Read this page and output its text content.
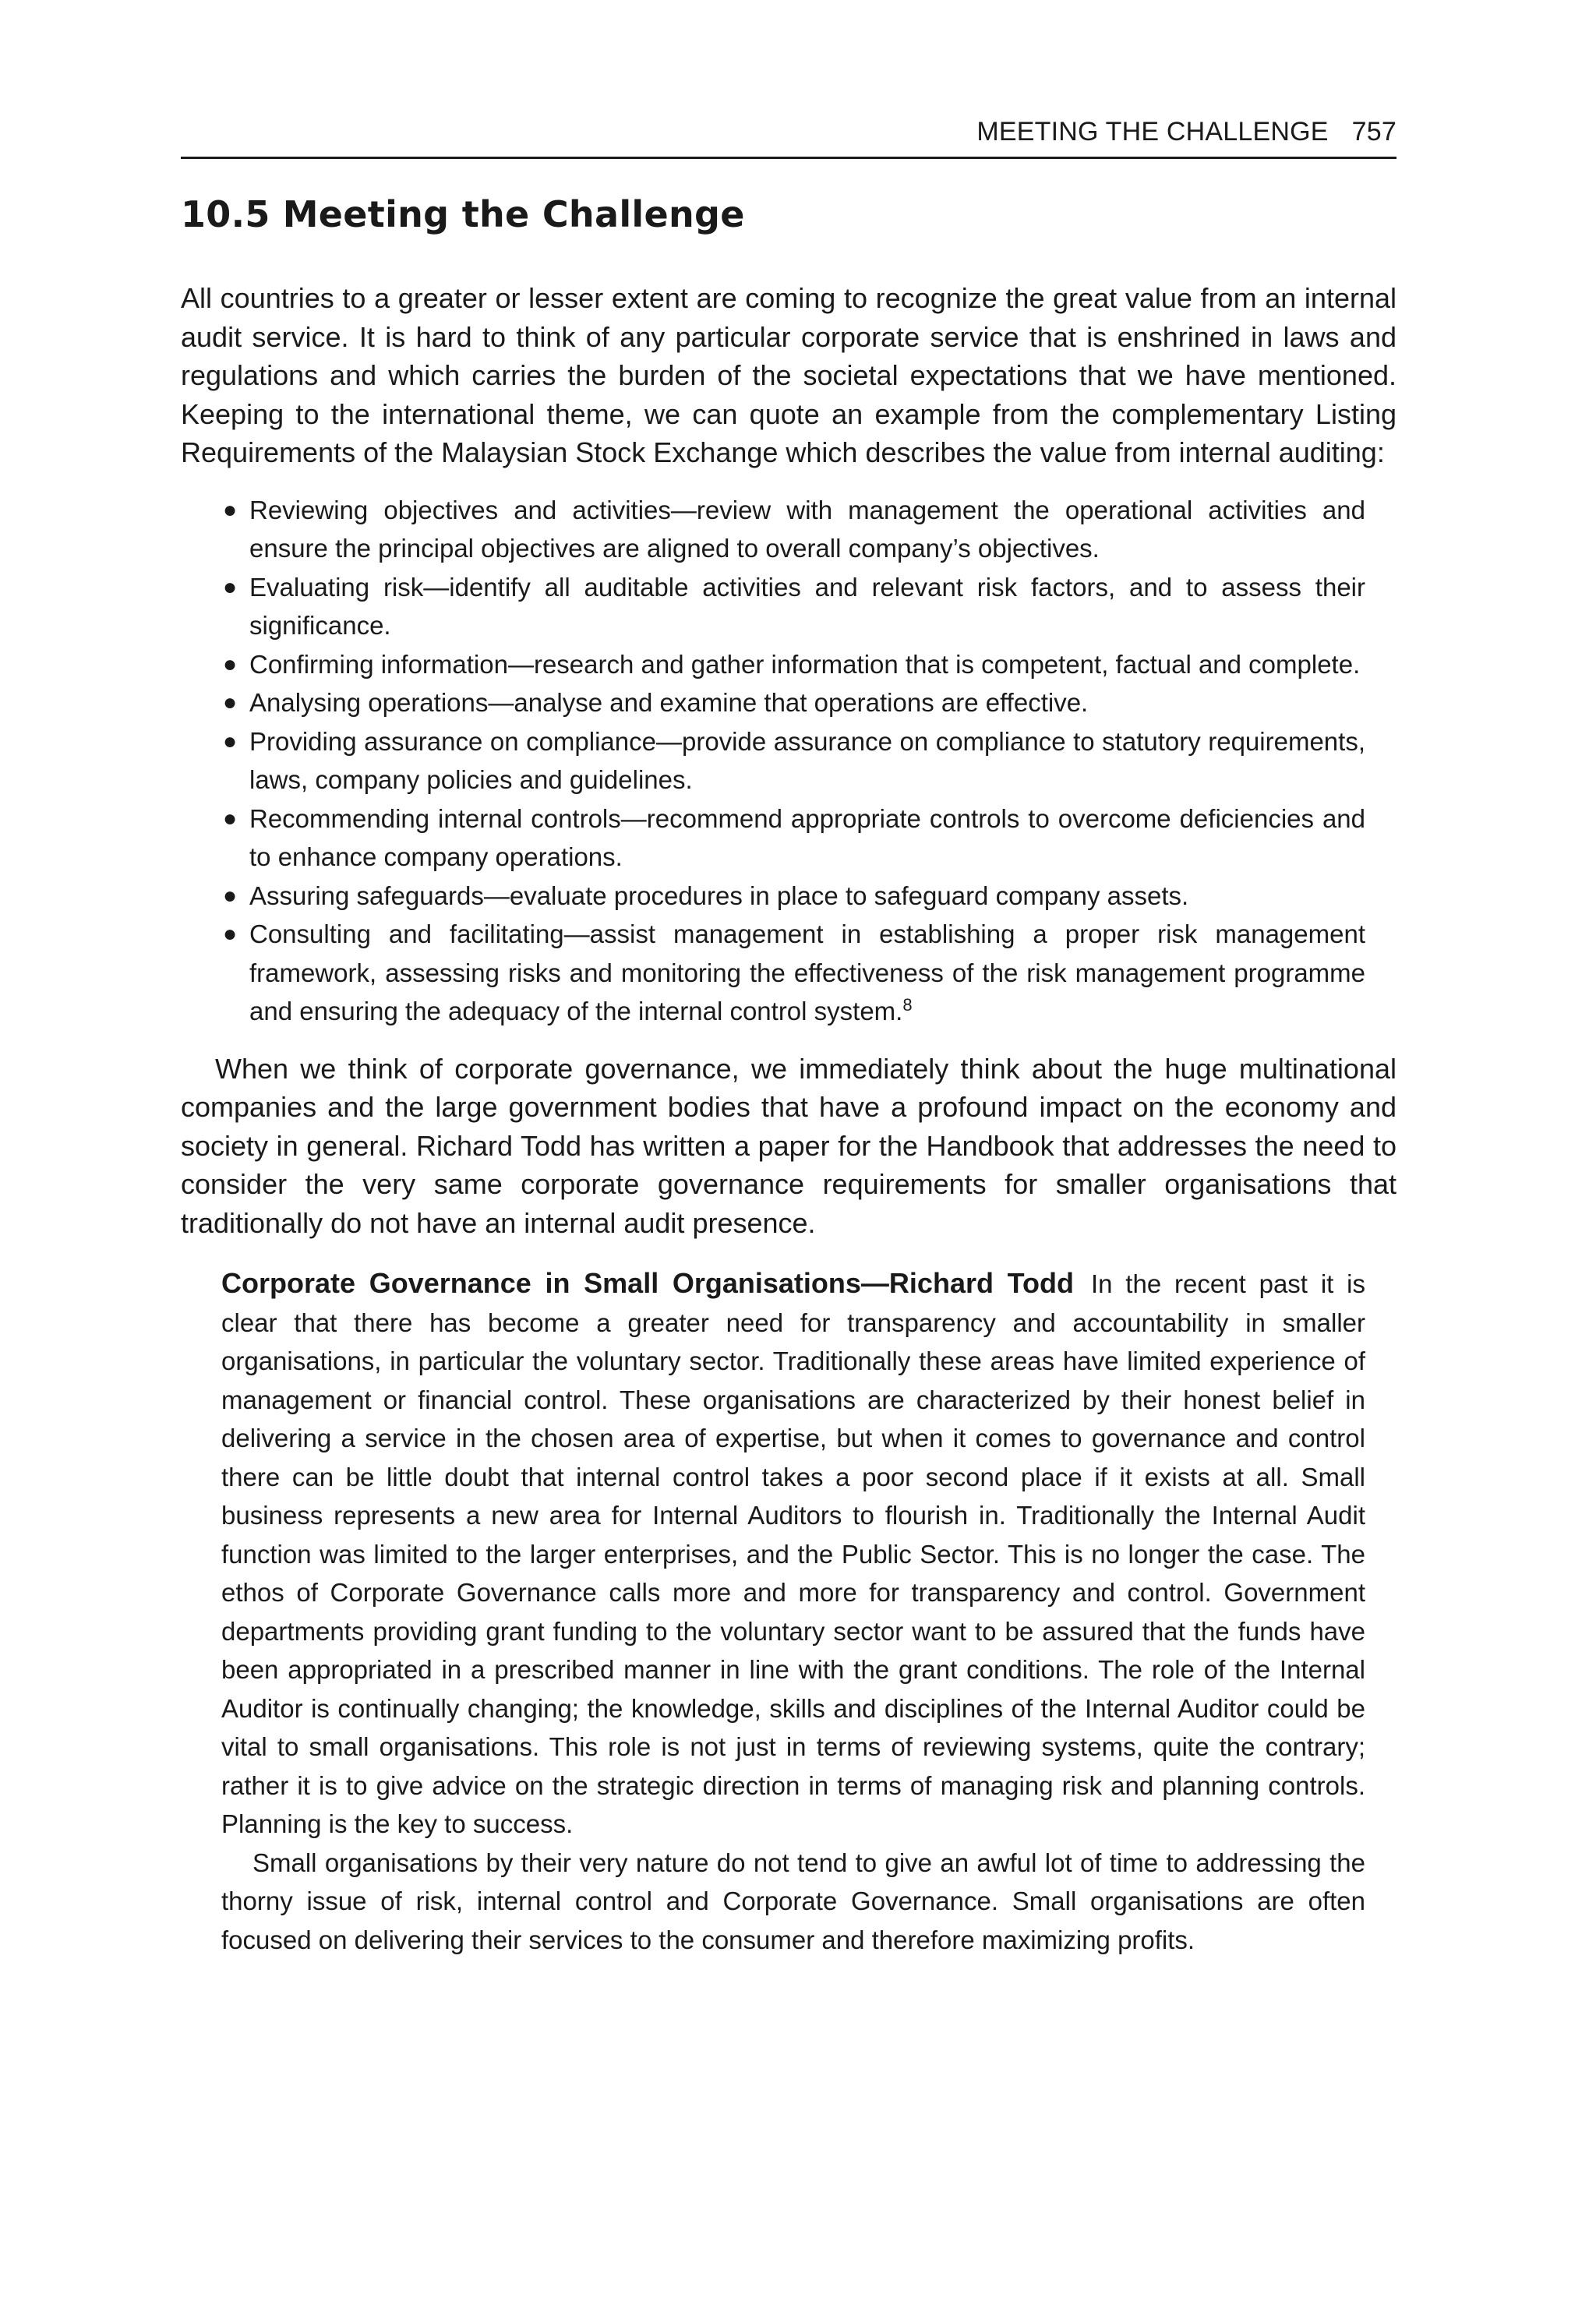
MEETING THE CHALLENGE 757
10.5 Meeting the Challenge

All countries to a greater or lesser extent are coming to recognize the great value from an internal audit service. It is hard to think of any particular corporate service that is enshrined in laws and regulations and which carries the burden of the societal expectations that we have mentioned. Keeping to the international theme, we can quote an example from the complementary Listing Requirements of the Malaysian Stock Exchange which describes the value from internal auditing:

● Reviewing objectives and activities—review with management the operational activities and ensure the principal objectives are aligned to overall company’s objectives.
● Evaluating risk—identify all auditable activities and relevant risk factors, and to assess their significance.
● Confirming information—research and gather information that is competent, factual and complete.
● Analysing operations—analyse and examine that operations are effective.
● Providing assurance on compliance—provide assurance on compliance to statutory requirements, laws, company policies and guidelines.
● Recommending internal controls—recommend appropriate controls to overcome deficiencies and to enhance company operations.
● Assuring safeguards—evaluate procedures in place to safeguard company assets.
● Consulting and facilitating—assist management in establishing a proper risk management framework, assessing risks and monitoring the effectiveness of the risk management programme and ensuring the adequacy of the internal control system.$^8$

When we think of corporate governance, we immediately think about the huge multinational companies and the large government bodies that have a profound impact on the economy and society in general. Richard Todd has written a paper for the Handbook that addresses the need to consider the very same corporate governance requirements for smaller organisations that traditionally do not have an internal audit presence.

Corporate Governance in Small Organisations—Richard Todd In the recent past it is clear that there has become a greater need for transparency and accountability in smaller organisations, in particular the voluntary sector. Traditionally these areas have limited experience of management or financial control. These organisations are characterized by their honest belief in delivering a service in the chosen area of expertise, but when it comes to governance and control there can be little doubt that internal control takes a poor second place if it exists at all. Small business represents a new area for Internal Auditors to flourish in. Traditionally the Internal Audit function was limited to the larger enterprises, and the Public Sector. This is no longer the case. The ethos of Corporate Governance calls more and more for transparency and control. Government departments providing grant funding to the voluntary sector want to be assured that the funds have been appropriated in a prescribed manner in line with the grant conditions. The role of the Internal Auditor is continually changing; the knowledge, skills and disciplines of the Internal Auditor could be vital to small organisations. This role is not just in terms of reviewing systems, quite the contrary; rather it is to give advice on the strategic direction in terms of managing risk and planning controls. Planning is the key to success.

Small organisations by their very nature do not tend to give an awful lot of time to addressing the thorny issue of risk, internal control and Corporate Governance. Small organisations are often focused on delivering their services to the consumer and therefore maximizing profits.
